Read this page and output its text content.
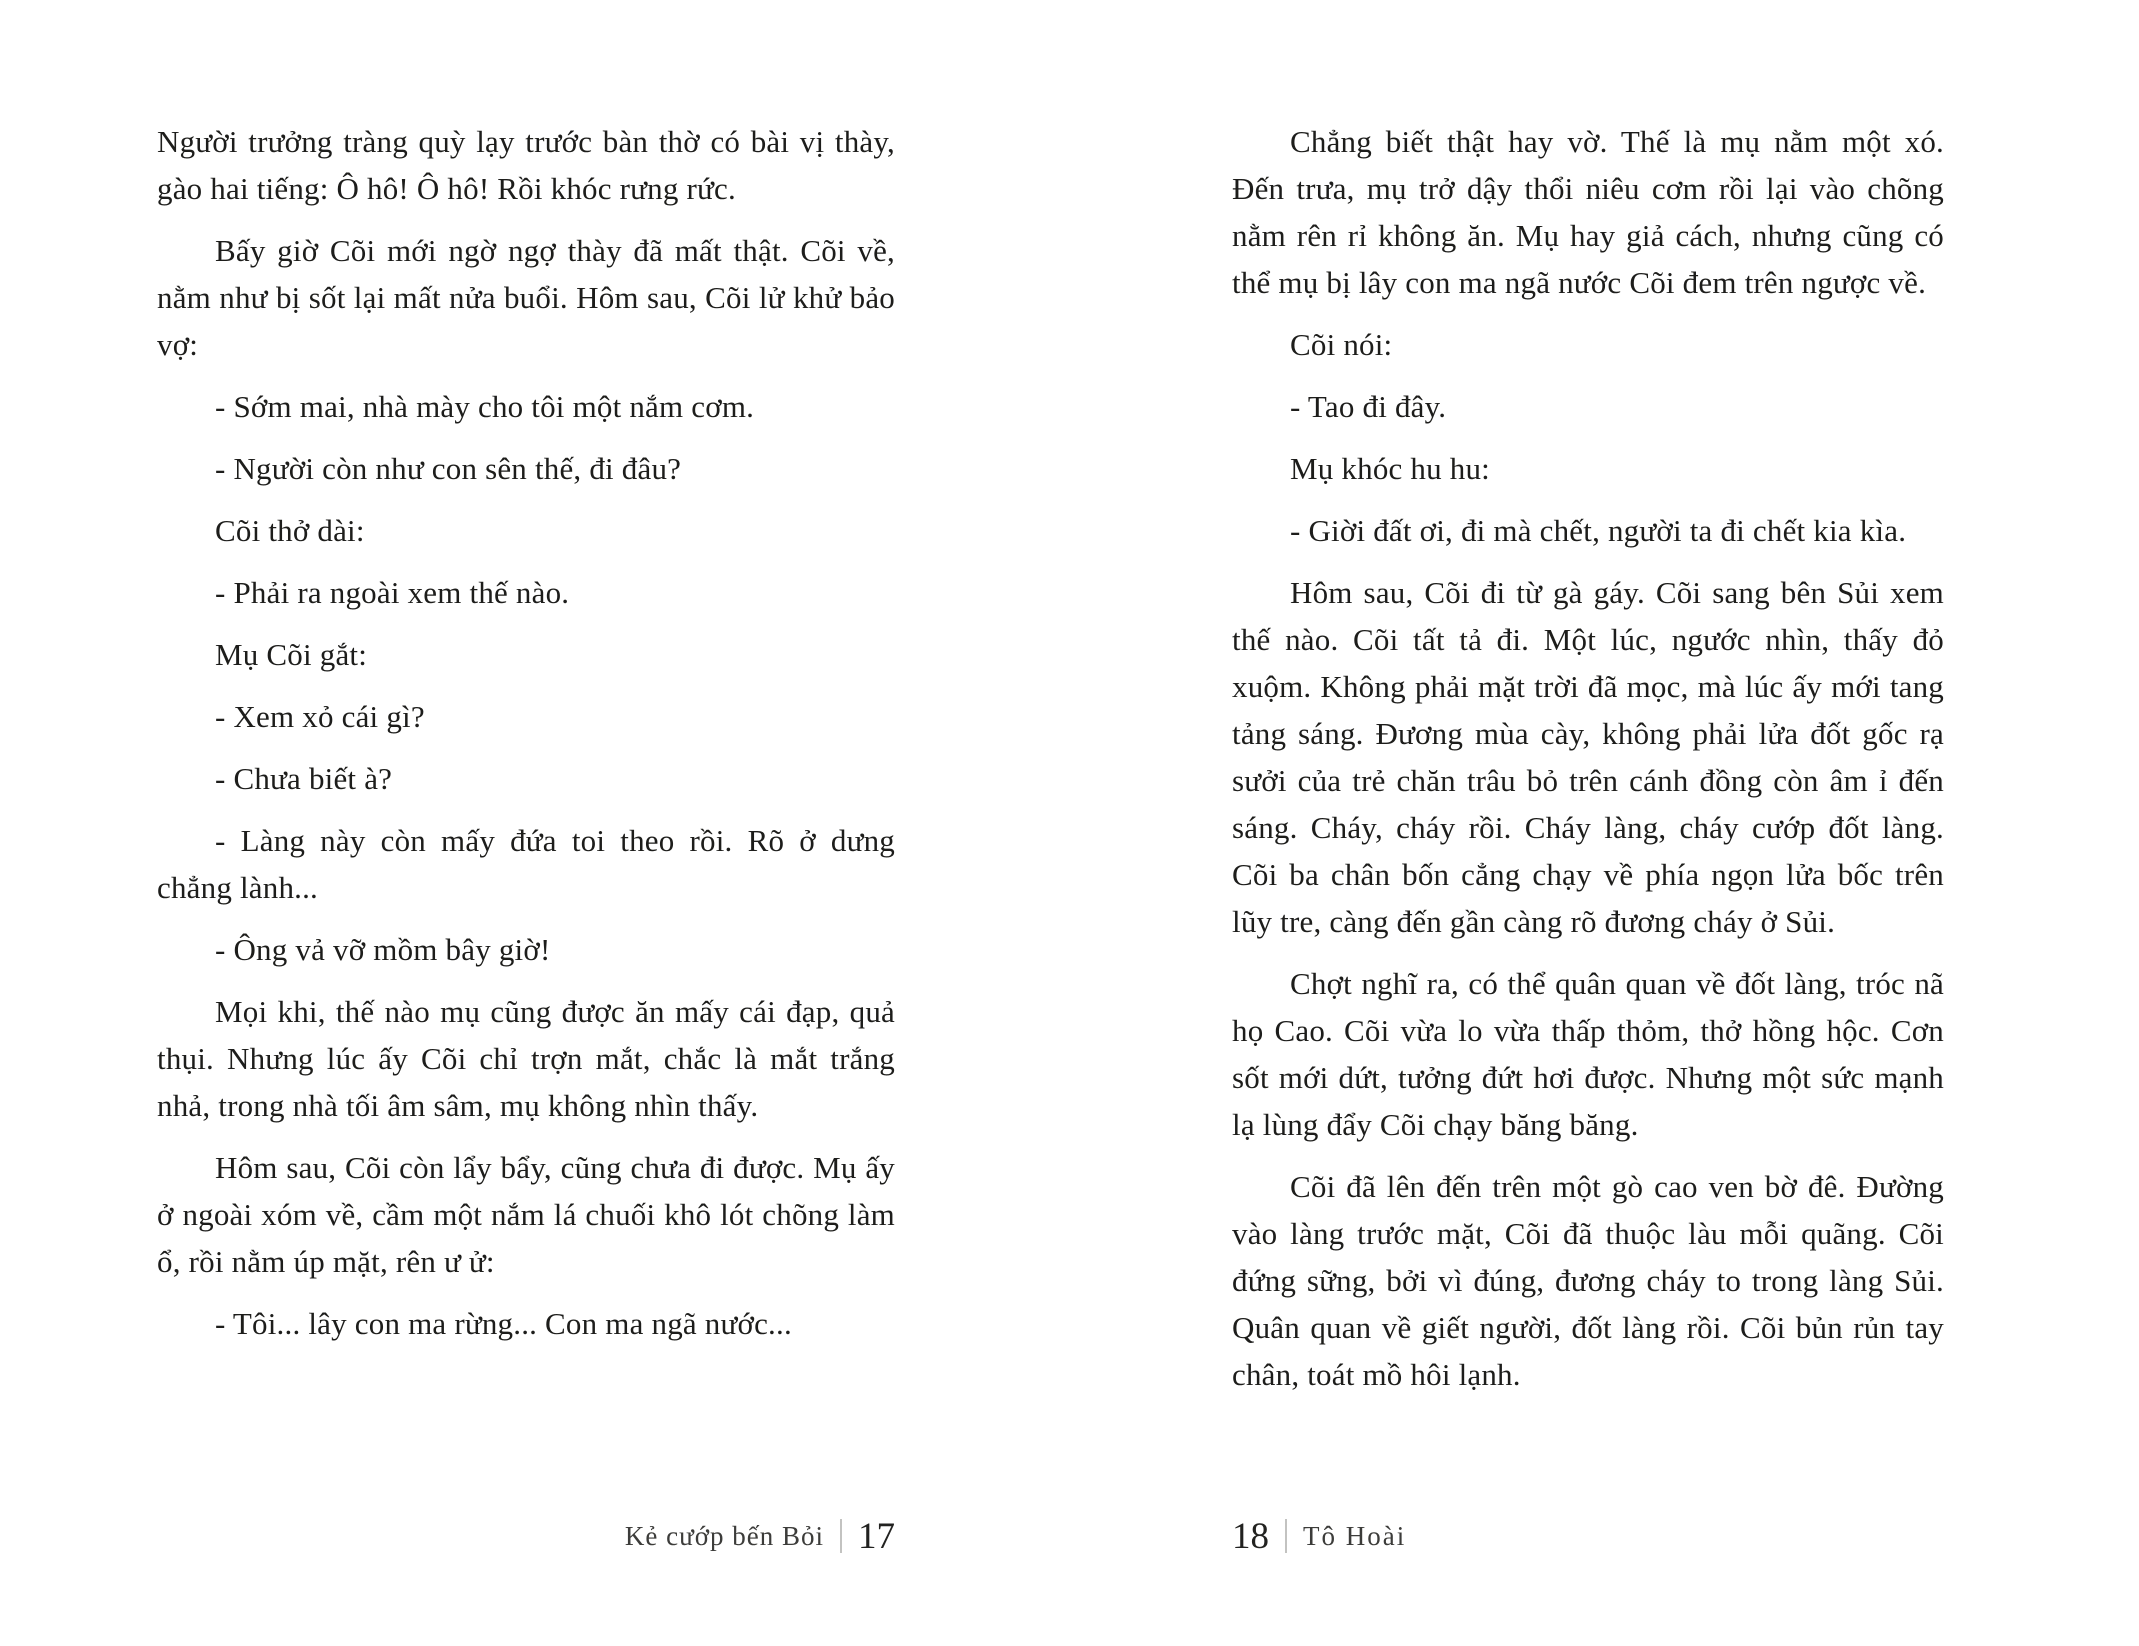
Người trưởng tràng quỳ lạy trước bàn thờ có bài vị thày, gào hai tiếng: Ô hô! Ô hô! Rồi khóc rưng rức.

Bấy giờ Cõi mới ngờ ngợ thày đã mất thật. Cõi về, nằm như bị sốt lại mất nửa buổi. Hôm sau, Cõi lử khử bảo vợ:

- Sớm mai, nhà mày cho tôi một nắm cơm.

- Người còn như con sên thế, đi đâu?

Cõi thở dài:

- Phải ra ngoài xem thế nào.

Mụ Cõi gắt:

- Xem xỏ cái gì?

- Chưa biết à?

- Làng này còn mấy đứa toi theo rồi. Rõ ở dưng chẳng lành...

- Ông vả vỡ mồm bây giờ!

Mọi khi, thế nào mụ cũng được ăn mấy cái đạp, quả thụi. Nhưng lúc ấy Cõi chỉ trợn mắt, chắc là mắt trắng nhả, trong nhà tối âm sâm, mụ không nhìn thấy.

Hôm sau, Cõi còn lẩy bẩy, cũng chưa đi được. Mụ ấy ở ngoài xóm về, cầm một nắm lá chuối khô lót chõng làm ổ, rồi nằm úp mặt, rên ư ử:

- Tôi... lây con ma rừng... Con ma ngã nước...

Kẻ cướp bến Bỏi 17

Chẳng biết thật hay vờ. Thế là mụ nằm một xó. Đến trưa, mụ trở dậy thổi niêu cơm rồi lại vào chõng nằm rên rỉ không ăn. Mụ hay giả cách, nhưng cũng có thể mụ bị lây con ma ngã nước Cõi đem trên ngược về.

Cõi nói:

- Tao đi đây.

Mụ khóc hu hu:

- Giời đất ơi, đi mà chết, người ta đi chết kia kìa.

Hôm sau, Cõi đi từ gà gáy. Cõi sang bên Sủi xem thế nào. Cõi tất tả đi. Một lúc, ngước nhìn, thấy đỏ xuộm. Không phải mặt trời đã mọc, mà lúc ấy mới tang tảng sáng. Đương mùa cày, không phải lửa đốt gốc rạ sưởi của trẻ chăn trâu bỏ trên cánh đồng còn âm ỉ đến sáng. Cháy, cháy rồi. Cháy làng, cháy cướp đốt làng. Cõi ba chân bốn cẳng chạy về phía ngọn lửa bốc trên lũy tre, càng đến gần càng rõ đương cháy ở Sủi.

Chợt nghĩ ra, có thể quân quan về đốt làng, tróc nã họ Cao. Cõi vừa lo vừa thấp thỏm, thở hồng hộc. Cơn sốt mới dứt, tưởng đứt hơi được. Nhưng một sức mạnh lạ lùng đẩy Cõi chạy băng băng.

Cõi đã lên đến trên một gò cao ven bờ đê. Đường vào làng trước mặt, Cõi đã thuộc làu mỗi quãng. Cõi đứng sững, bởi vì đúng, đương cháy to trong làng Sủi. Quân quan về giết người, đốt làng rồi. Cõi bủn rủn tay chân, toát mồ hôi lạnh.

18 Tô Hoài
